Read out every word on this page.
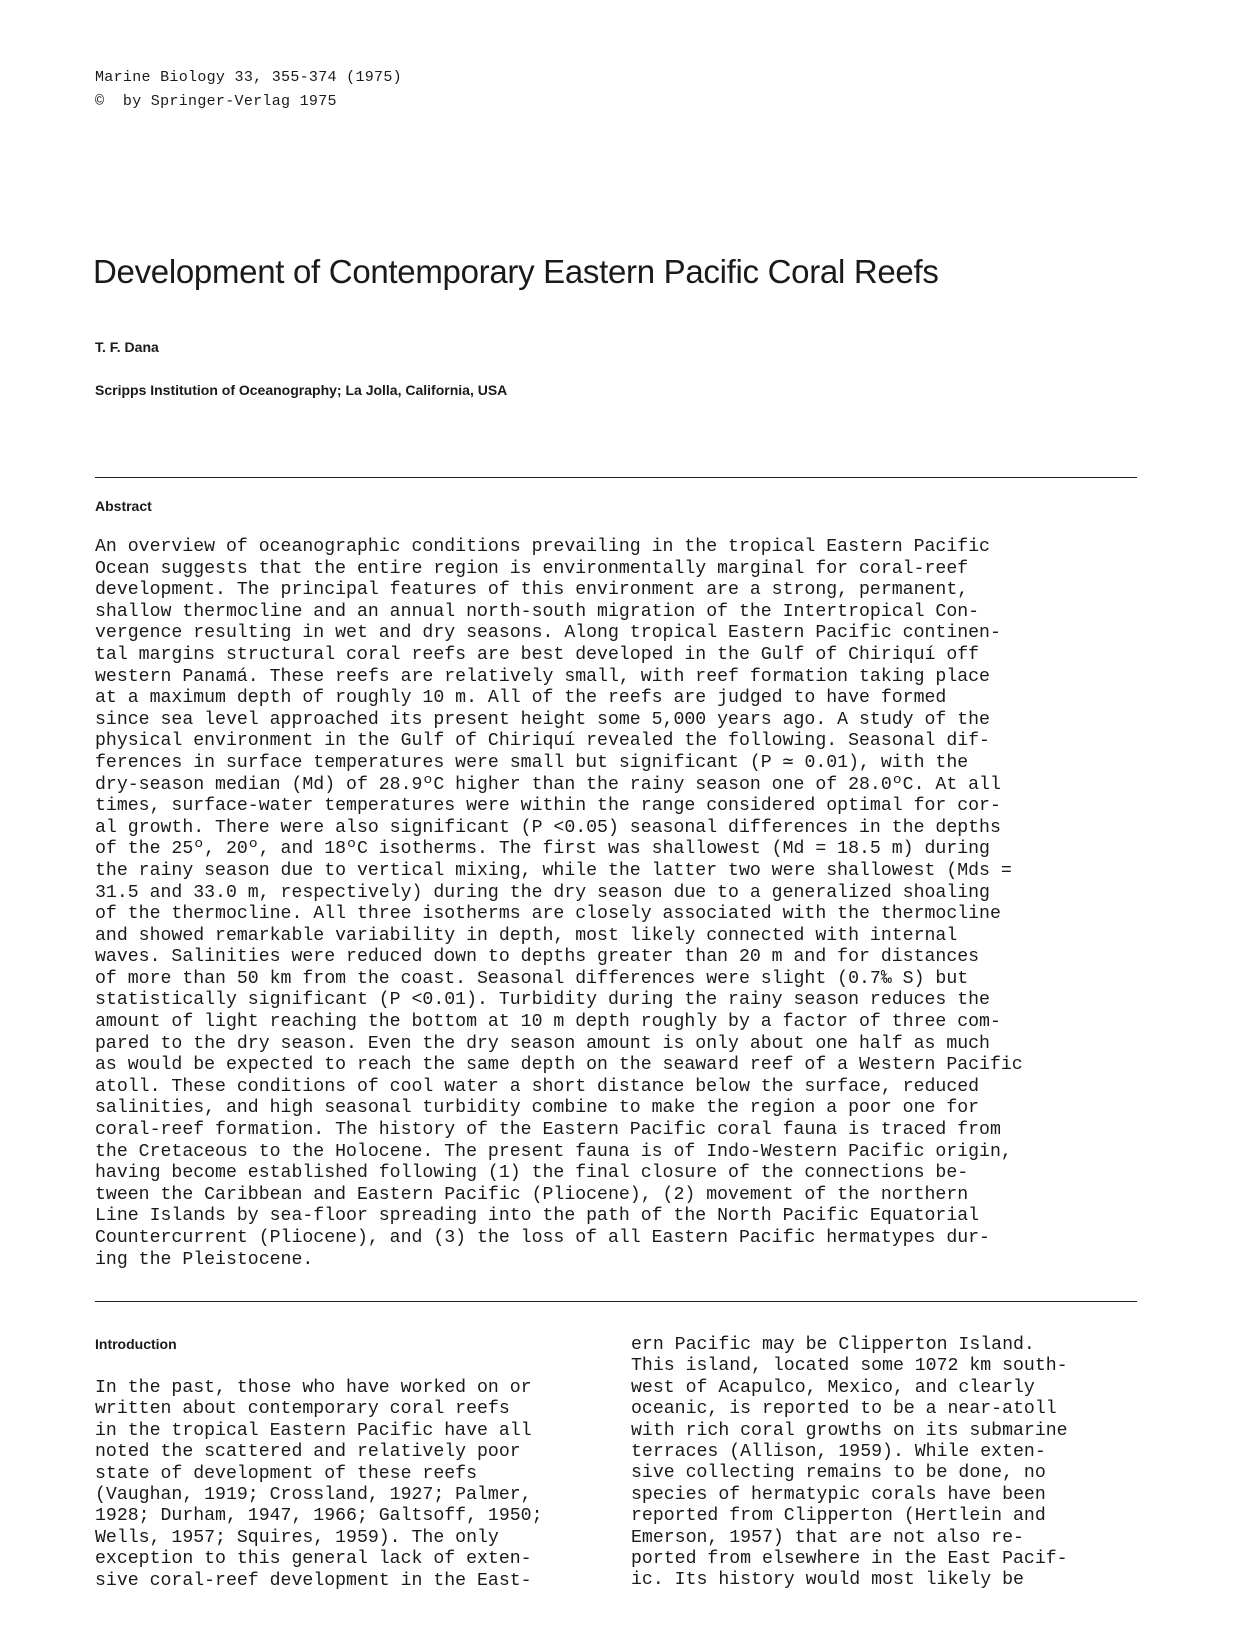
Marine Biology 33, 355-374 (1975)
©  by Springer-Verlag 1975
Development of Contemporary Eastern Pacific Coral Reefs
T. F. Dana
Scripps Institution of Oceanography; La Jolla, California, USA
Abstract
An overview of oceanographic conditions prevailing in the tropical Eastern Pacific
Ocean suggests that the entire region is environmentally marginal for coral-reef
development. The principal features of this environment are a strong, permanent,
shallow thermocline and an annual north-south migration of the Intertropical Con-
vergence resulting in wet and dry seasons. Along tropical Eastern Pacific continen-
tal margins structural coral reefs are best developed in the Gulf of Chiriquí off
western Panamá. These reefs are relatively small, with reef formation taking place
at a maximum depth of roughly 10 m. All of the reefs are judged to have formed
since sea level approached its present height some 5,000 years ago. A study of the
physical environment in the Gulf of Chiriquí revealed the following. Seasonal dif-
ferences in surface temperatures were small but significant (P ≃ 0.01), with the
dry-season median (Md) of 28.9ºC higher than the rainy season one of 28.0ºC. At all
times, surface-water temperatures were within the range considered optimal for cor-
al growth. There were also significant (P <0.05) seasonal differences in the depths
of the 25º, 20º, and 18ºC isotherms. The first was shallowest (Md = 18.5 m) during
the rainy season due to vertical mixing, while the latter two were shallowest (Mds =
31.5 and 33.0 m, respectively) during the dry season due to a generalized shoaling
of the thermocline. All three isotherms are closely associated with the thermocline
and showed remarkable variability in depth, most likely connected with internal
waves. Salinities were reduced down to depths greater than 20 m and for distances
of more than 50 km from the coast. Seasonal differences were slight (0.7‰ S) but
statistically significant (P <0.01). Turbidity during the rainy season reduces the
amount of light reaching the bottom at 10 m depth roughly by a factor of three com-
pared to the dry season. Even the dry season amount is only about one half as much
as would be expected to reach the same depth on the seaward reef of a Western Pacific
atoll. These conditions of cool water a short distance below the surface, reduced
salinities, and high seasonal turbidity combine to make the region a poor one for
coral-reef formation. The history of the Eastern Pacific coral fauna is traced from
the Cretaceous to the Holocene. The present fauna is of Indo-Western Pacific origin,
having become established following (1) the final closure of the connections be-
tween the Caribbean and Eastern Pacific (Pliocene), (2) movement of the northern
Line Islands by sea-floor spreading into the path of the North Pacific Equatorial
Countercurrent (Pliocene), and (3) the loss of all Eastern Pacific hermatypes dur-
ing the Pleistocene.
Introduction
In the past, those who have worked on or
written about contemporary coral reefs
in the tropical Eastern Pacific have all
noted the scattered and relatively poor
state of development of these reefs
(Vaughan, 1919; Crossland, 1927; Palmer,
1928; Durham, 1947, 1966; Galtsoff, 1950;
Wells, 1957; Squires, 1959). The only
exception to this general lack of exten-
sive coral-reef development in the East-
ern Pacific may be Clipperton Island.
This island, located some 1072 km south-
west of Acapulco, Mexico, and clearly
oceanic, is reported to be a near-atoll
with rich coral growths on its submarine
terraces (Allison, 1959). While exten-
sive collecting remains to be done, no
species of hermatypic corals have been
reported from Clipperton (Hertlein and
Emerson, 1957) that are not also re-
ported from elsewhere in the East Pacif-
ic. Its history would most likely be
